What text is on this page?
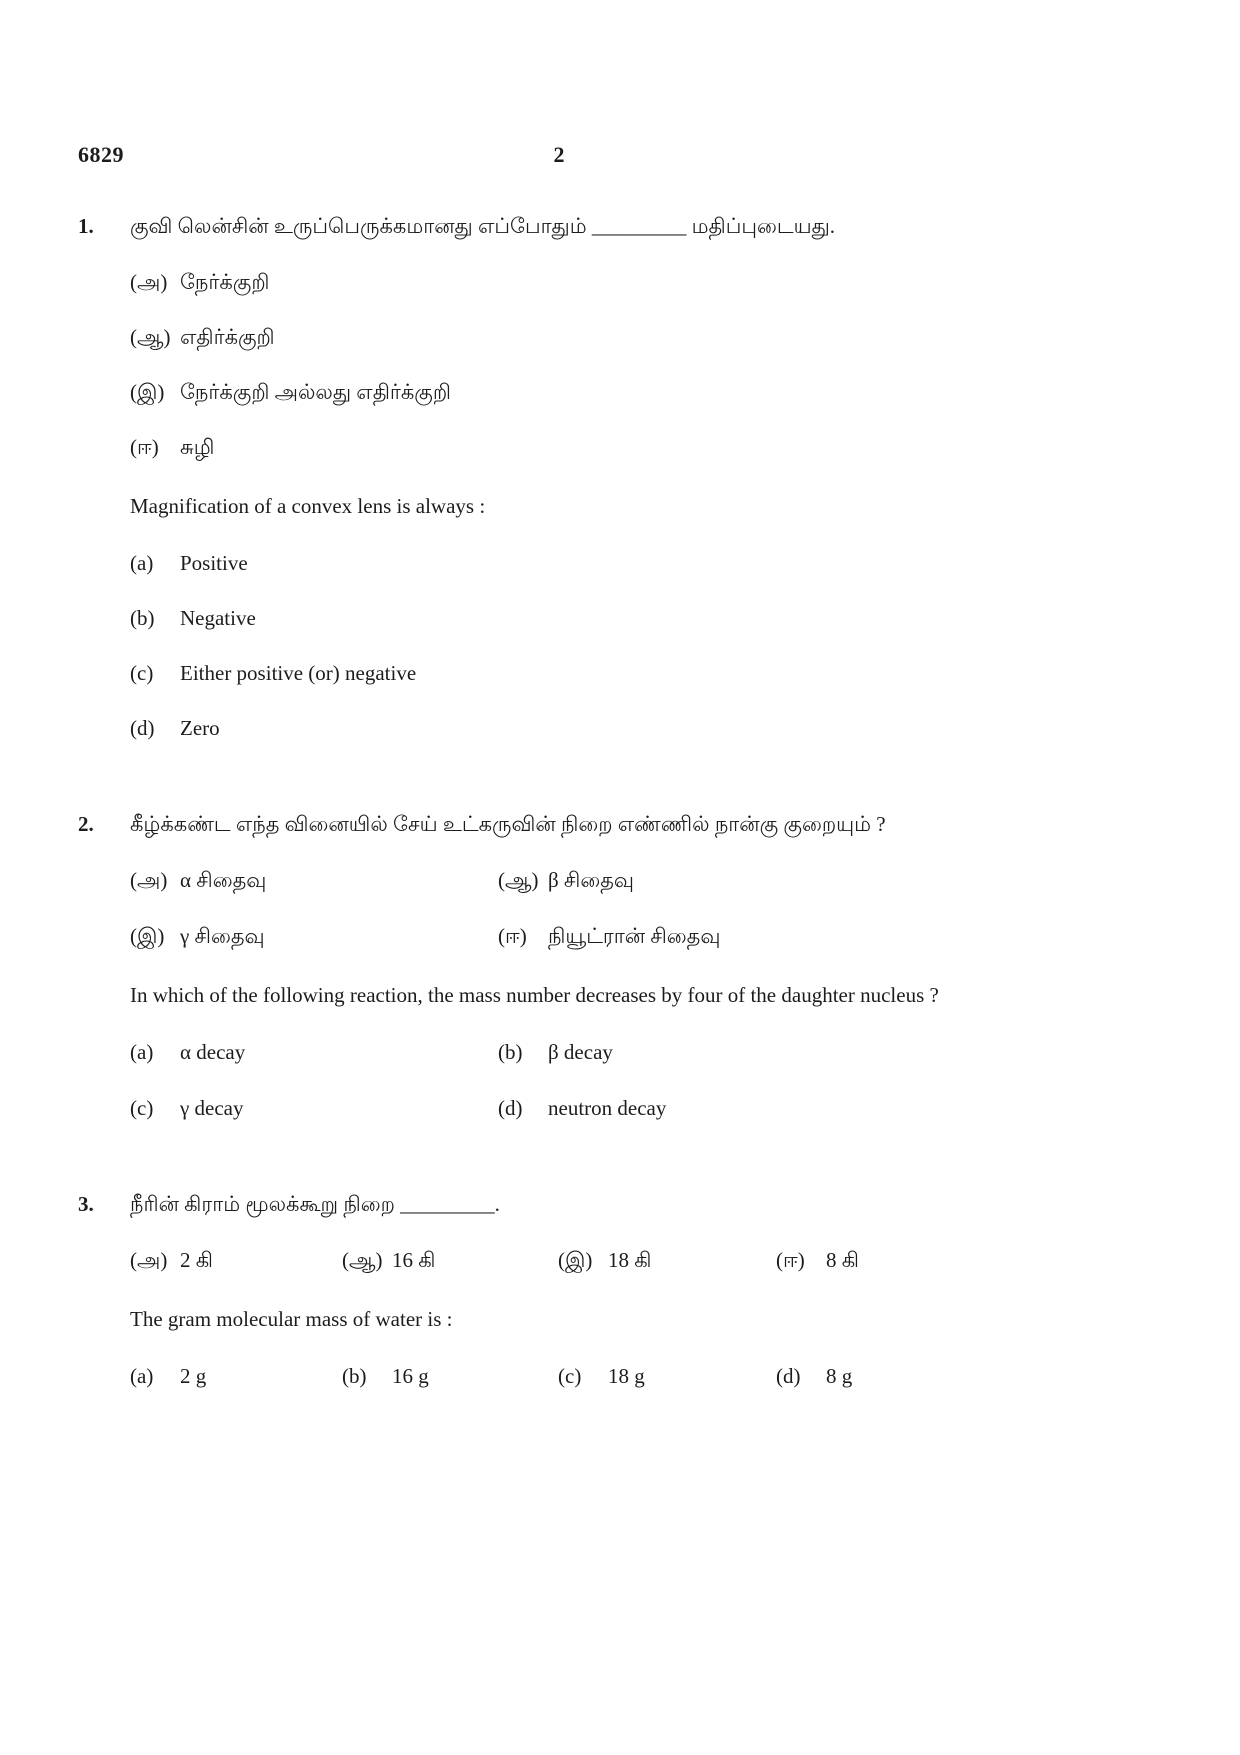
6829	2
1.	குவி லென்சின் உருப்பெருக்கமானது எப்போதும் _________ மதிப்புடையது.
(அ) நேர்க்குறி
(ஆ) எதிர்க்குறி
(இ) நேர்க்குறி அல்லது எதிர்க்குறி
(ஈ)	சுழி
Magnification of a convex lens is always :
(a)	Positive
(b)	Negative
(c)	Either positive (or) negative
(d)	Zero
2.	கீழ்க்கண்ட எந்த வினையில் சேய் உட்கருவின் நிறை எண்ணில் நான்கு குறையும் ?
(அ) α சிதைவு	(ஆ) β சிதைவு
(இ) γ சிதைவு	(ஈ)	நியூட்ரான் சிதைவு
In which of the following reaction, the mass number decreases by four of the daughter nucleus ?
(a)	α decay	(b)	β decay
(c)	γ decay	(d)	neutron decay
3.	நீரின் கிராம் மூலக்கூறு நிறை _________.
(அ) 2 கி	(ஆ) 16 கி	(இ) 18 கி	(ஈ)	8 கி
The gram molecular mass of water is :
(a)	2 g	(b)	16 g	(c)	18 g	(d)	8 g
